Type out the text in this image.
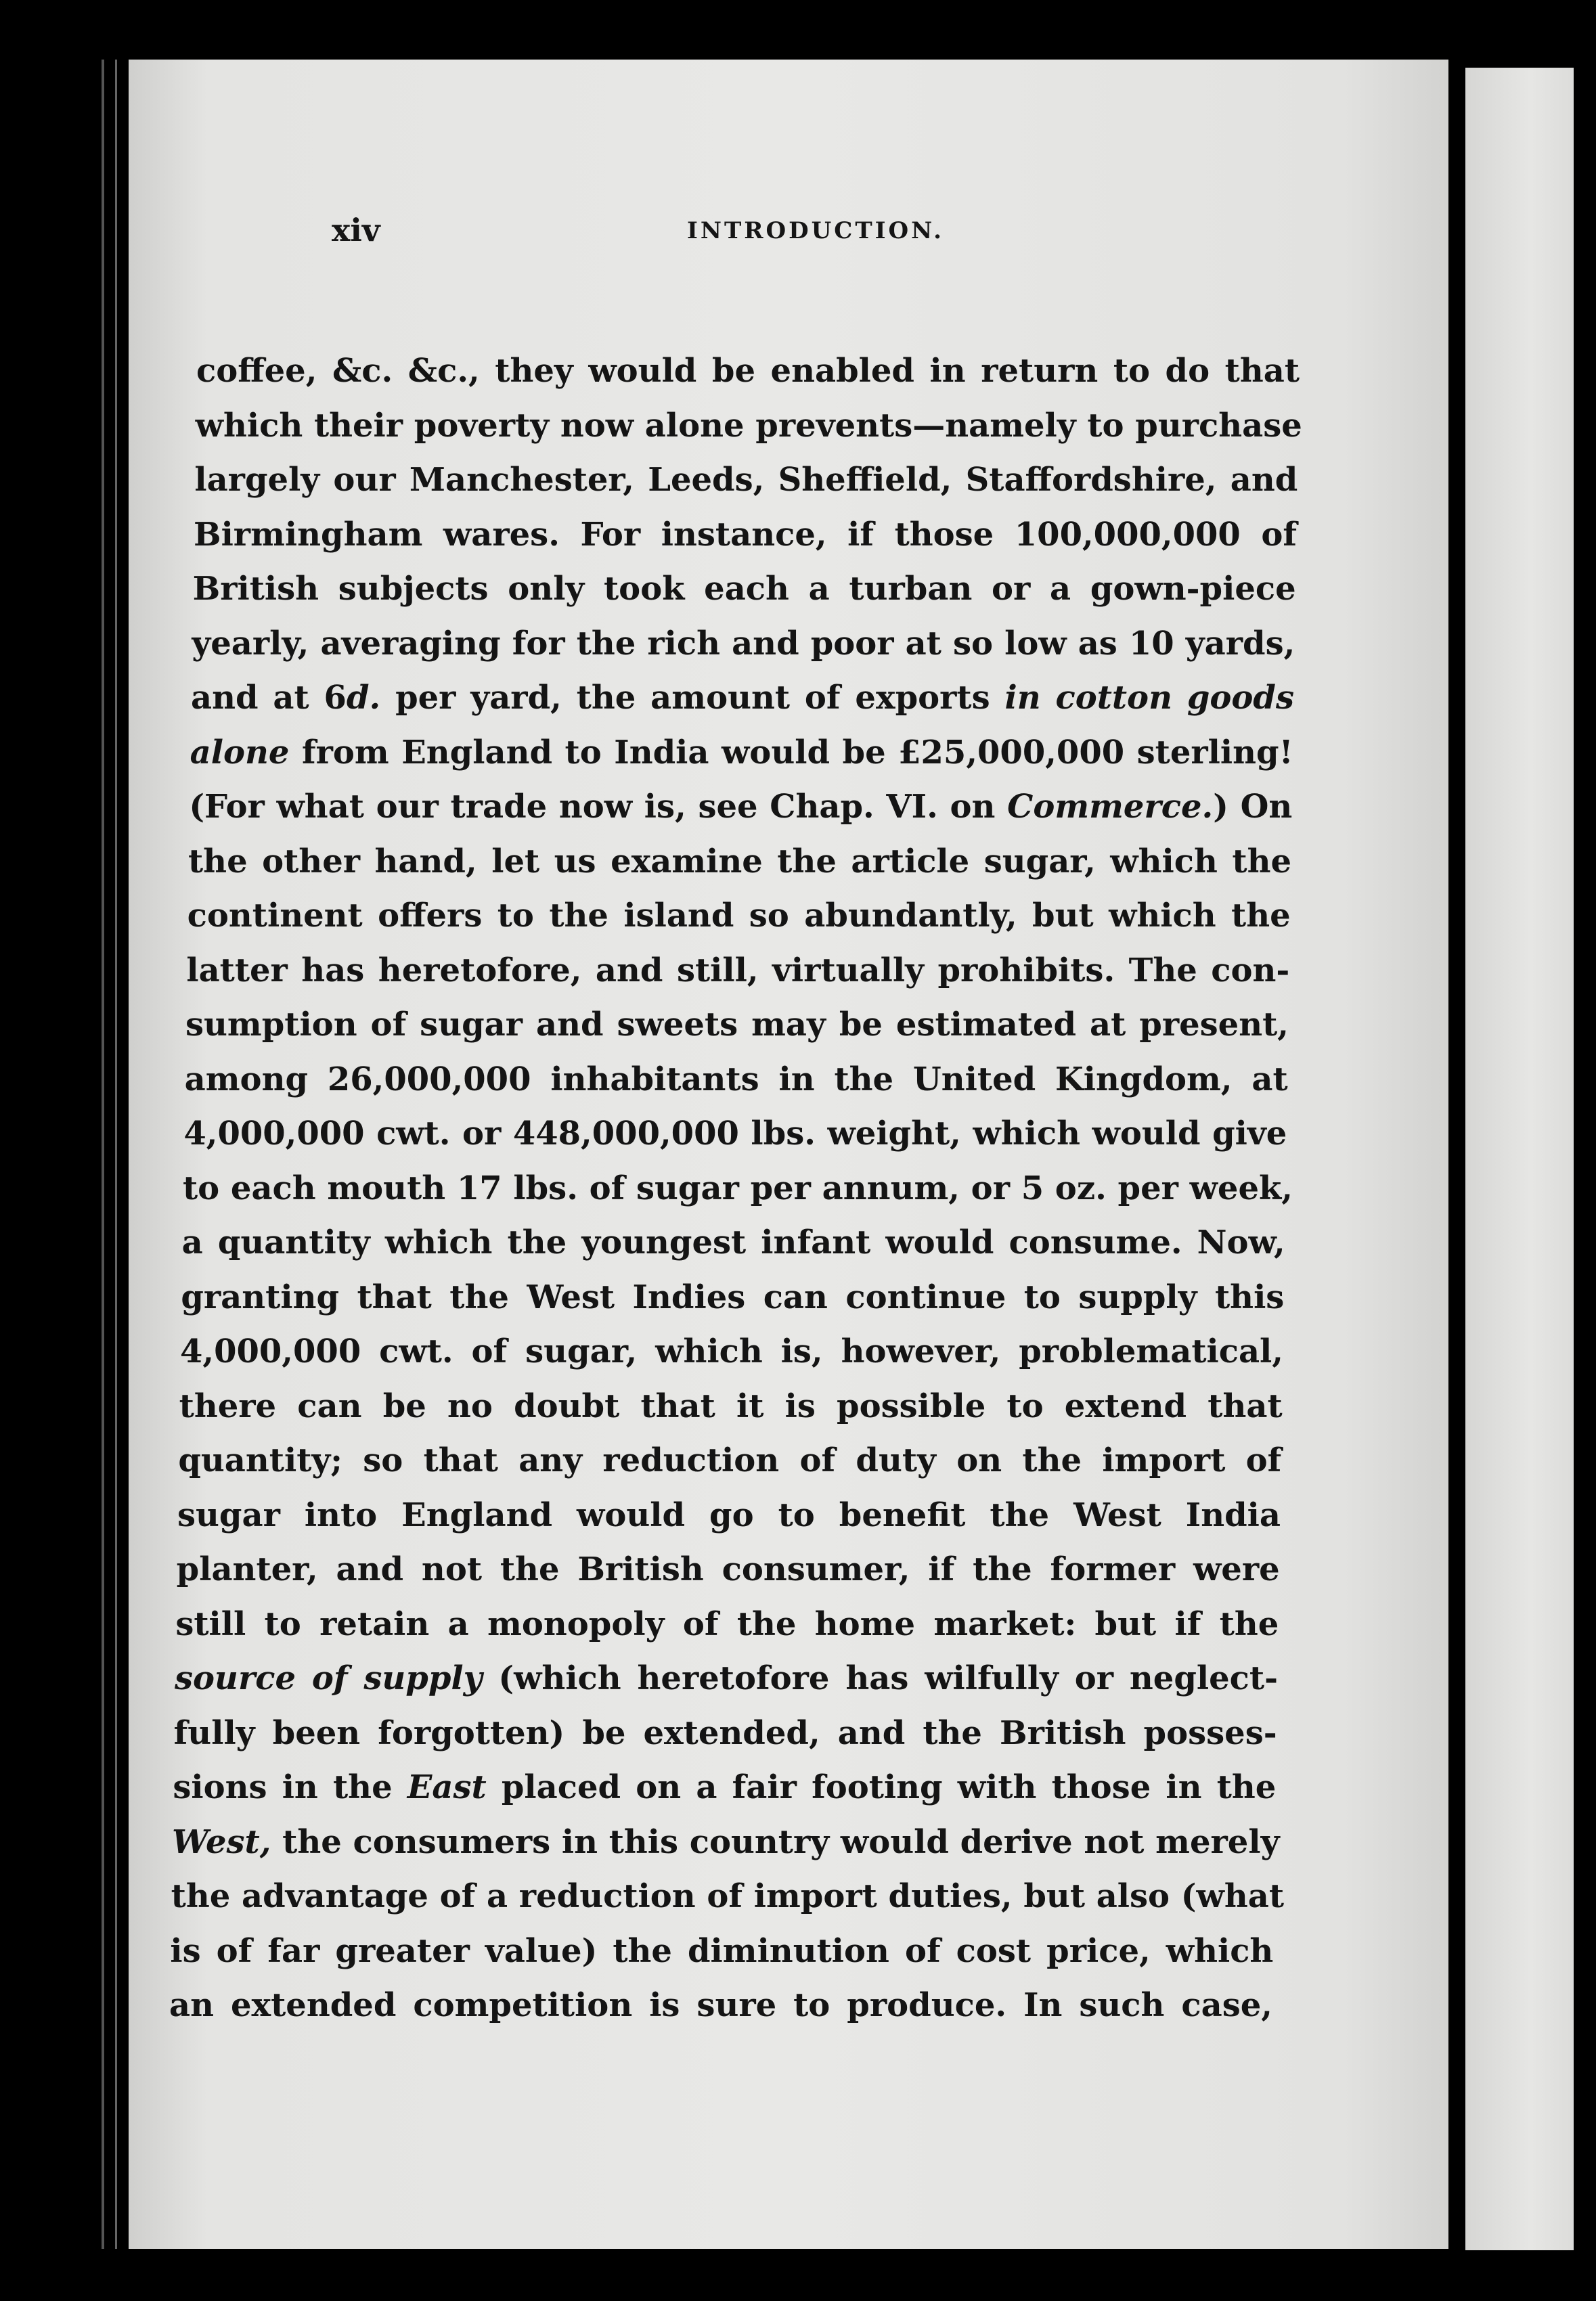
xiv	INTRODUCTION.
coffee, &c. &c., they would be enabled in return to do that
which their poverty now alone prevents—namely to purchase
largely our Manchester, Leeds, Sheffield, Staffordshire, and
Birmingham wares. For instance, if those 100,000,000 of
British subjects only took each a turban or a gown-piece
yearly, averaging for the rich and poor at so low as 10 yards,
and at 6d. per yard, the amount of exports in cotton goods
alone from England to India would be £25,000,000 sterling!
(For what our trade now is, see Chap. VI. on Commerce.) On
the other hand, let us examine the article sugar, which the
continent offers to the island so abundantly, but which the
latter has heretofore, and still, virtually prohibits. The con-
sumption of sugar and sweets may be estimated at present,
among 26,000,000 inhabitants in the United Kingdom, at
4,000,000 cwt. or 448,000,000 lbs. weight, which would give
to each mouth 17 lbs. of sugar per annum, or 5 oz. per week,
a quantity which the youngest infant would consume. Now,
granting that the West Indies can continue to supply this
4,000,000 cwt. of sugar, which is, however, problematical,
there can be no doubt that it is possible to extend that
quantity; so that any reduction of duty on the import of
sugar into England would go to benefit the West India
planter, and not the British consumer, if the former were
still to retain a monopoly of the home market: but if the
source of supply (which heretofore has wilfully or neglect-
fully been forgotten) be extended, and the British posses-
sions in the East placed on a fair footing with those in the
West, the consumers in this country would derive not merely
the advantage of a reduction of import duties, but also (what
is of far greater value) the diminution of cost price, which
an extended competition is sure to produce. In such case,
